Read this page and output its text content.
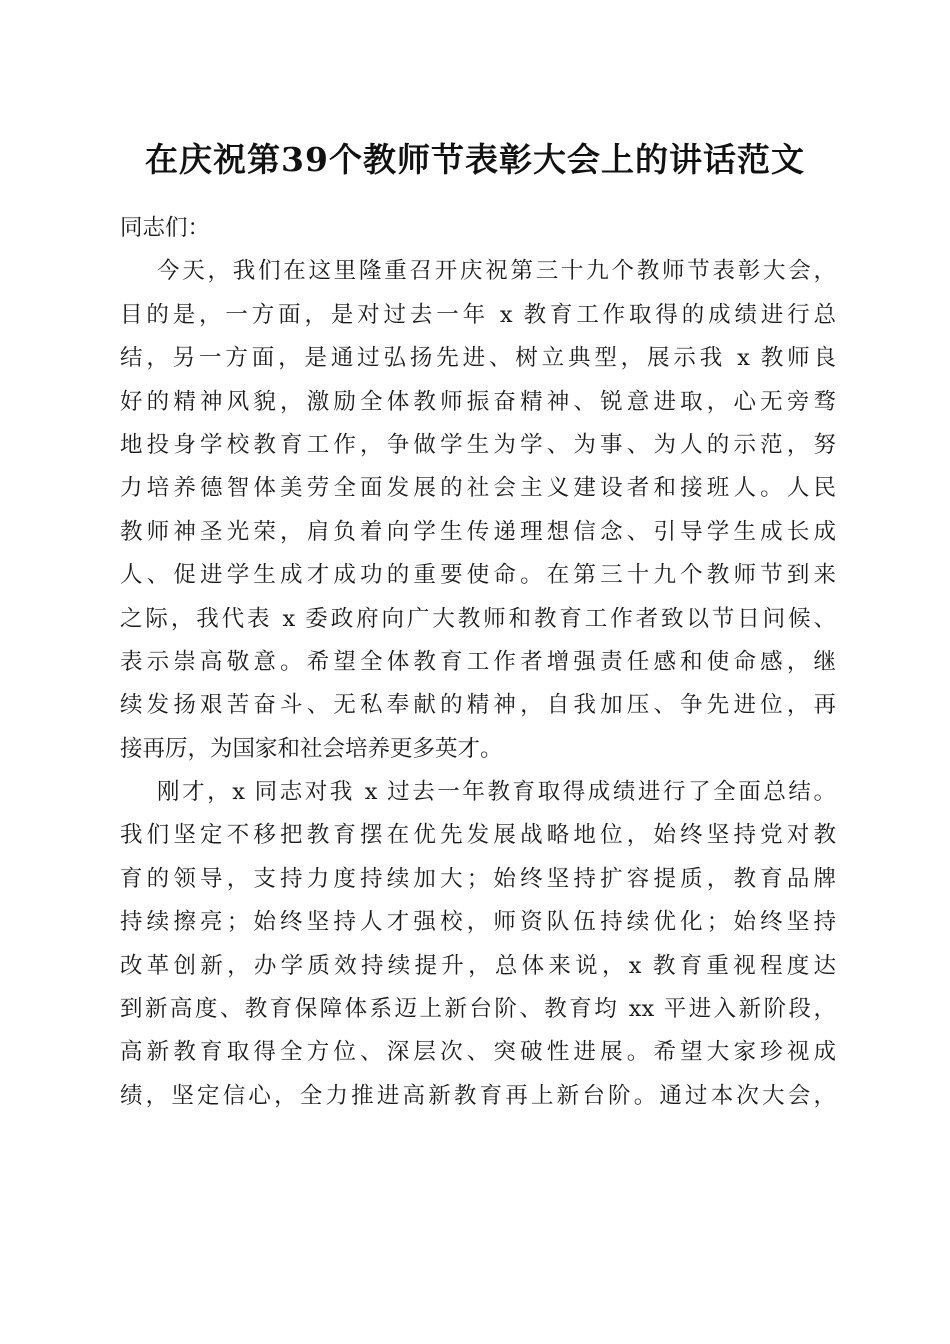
在庆祝第39个教师节表彰大会上的讲话范文
同志们：
今天，我们在这里隆重召开庆祝第三十九个教师节表彰大会，
目的是，一方面，是对过去一年 x 教育工作取得的成绩进行总
结，另一方面，是通过弘扬先进、树立典型，展示我 x 教师良
好的精神风貌，激励全体教师振奋精神、锐意进取，心无旁骛
地投身学校教育工作，争做学生为学、为事、为人的示范，努
力培养德智体美劳全面发展的社会主义建设者和接班人。人民
教师神圣光荣，肩负着向学生传递理想信念、引导学生成长成
人、促进学生成才成功的重要使命。在第三十九个教师节到来
之际，我代表 x 委政府向广大教师和教育工作者致以节日问候、
表示崇高敬意。希望全体教育工作者增强责任感和使命感，继
续发扬艰苦奋斗、无私奉献的精神，自我加压、争先进位，再
接再厉，为国家和社会培养更多英才。
刚才，x 同志对我 x 过去一年教育取得成绩进行了全面总结。
我们坚定不移把教育摆在优先发展战略地位，始终坚持党对教
育的领导，支持力度持续加大；始终坚持扩容提质，教育品牌
持续擦亮；始终坚持人才强校，师资队伍持续优化；始终坚持
改革创新，办学质效持续提升，总体来说，x 教育重视程度达
到新高度、教育保障体系迈上新台阶、教育均 xx 平进入新阶段，
高新教育取得全方位、深层次、突破性进展。希望大家珍视成
绩，坚定信心，全力推进高新教育再上新台阶。通过本次大会，
